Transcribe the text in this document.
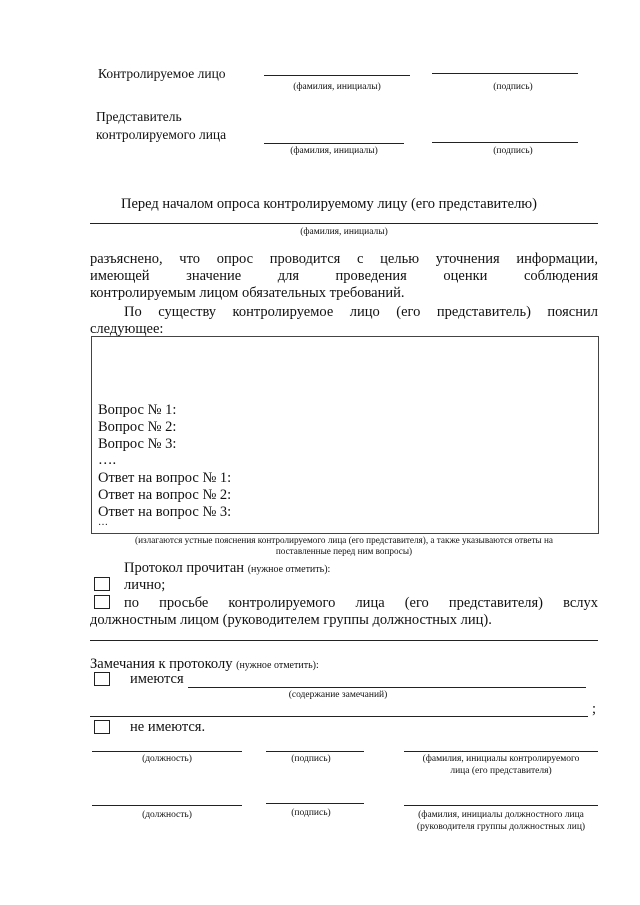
Контролируемое лицо
(фамилия, инициалы)	(подпись)
Представитель
контролируемого лица
(фамилия, инициалы)	(подпись)
Перед началом опроса контролируемому лицу (его представителю)
(фамилия, инициалы)
разъяснено, что опрос проводится с целью уточнения информации,
имеющей значение для проведения оценки соблюдения
контролируемым лицом обязательных требований.
По существу контролируемое лицо (его представитель) пояснил
следующее:
Вопрос № 1:
Вопрос № 2:
Вопрос № 3:
….
Ответ на вопрос № 1:
Ответ на вопрос № 2:
Ответ на вопрос № 3:
…
(излагаются устные пояснения контролируемого лица (его представителя), а также указываются ответы на
поставленные перед ним вопросы)
Протокол прочитан (нужное отметить):
лично;
по просьбе контролируемого лица (его представителя) вслух
должностным лицом (руководителем группы должностных лиц).
Замечания к протоколу (нужное отметить):
имеются
(содержание замечаний)
;
не имеются.
(должность)	(подпись)	(фамилия, инициалы контролируемого
лица (его представителя)
(должность)	(подпись)	(фамилия, инициалы должностного лица
(руководителя группы должностных лиц)
